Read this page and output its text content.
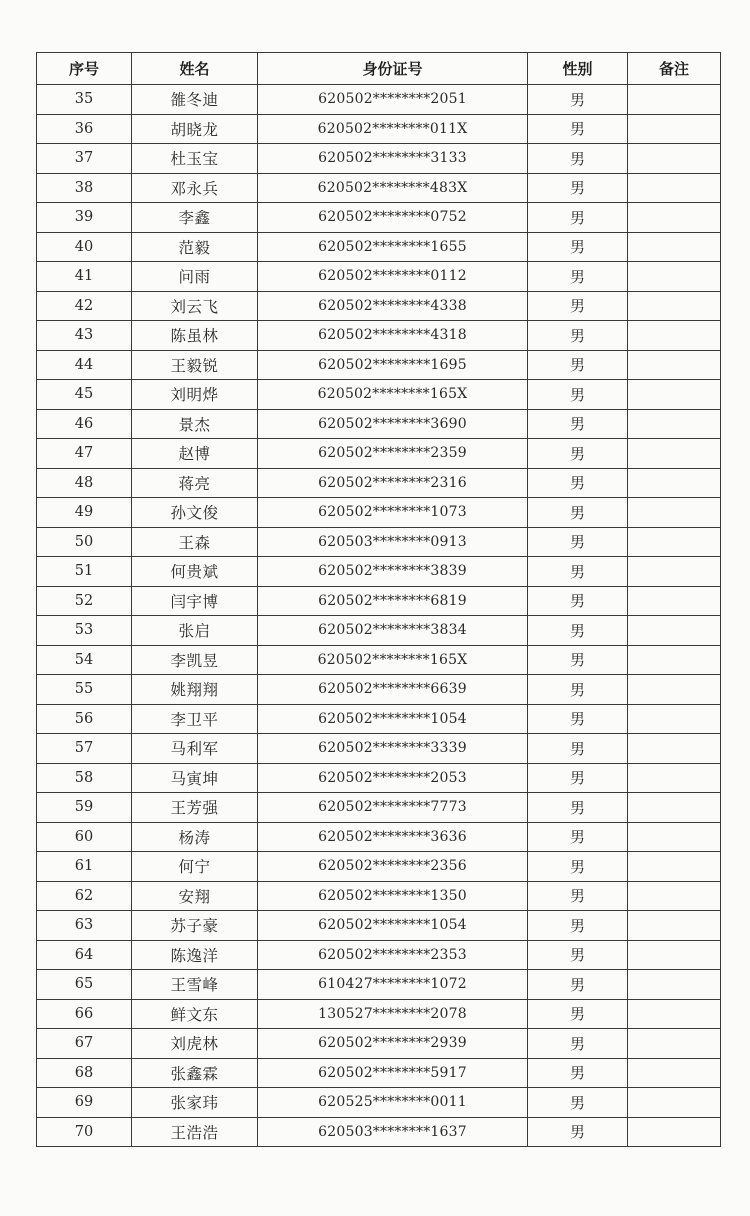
序号	姓名	身份证号	性别	备注
35	雒冬迪	620502********2051	男	
36	胡晓龙	620502********011X	男	
37	杜玉宝	620502********3133	男	
38	邓永兵	620502********483X	男	
39	李鑫	620502********0752	男	
40	范毅	620502********1655	男	
41	问雨	620502********0112	男	
42	刘云飞	620502********4338	男	
43	陈虽林	620502********4318	男	
44	王毅锐	620502********1695	男	
45	刘明烨	620502********165X	男	
46	景杰	620502********3690	男	
47	赵博	620502********2359	男	
48	蒋亮	620502********2316	男	
49	孙文俊	620502********1073	男	
50	王森	620503********0913	男	
51	何贵斌	620502********3839	男	
52	闫宇博	620502********6819	男	
53	张启	620502********3834	男	
54	李凯昱	620502********165X	男	
55	姚翔翔	620502********6639	男	
56	李卫平	620502********1054	男	
57	马利军	620502********3339	男	
58	马寅坤	620502********2053	男	
59	王芳强	620502********7773	男	
60	杨涛	620502********3636	男	
61	何宁	620502********2356	男	
62	安翔	620502********1350	男	
63	苏子豪	620502********1054	男	
64	陈逸洋	620502********2353	男	
65	王雪峰	610427********1072	男	
66	鲜文东	130527********2078	男	
67	刘虎林	620502********2939	男	
68	张鑫霖	620502********5917	男	
69	张家玮	620525********0011	男	
70	王浩浩	620503********1637	男	
